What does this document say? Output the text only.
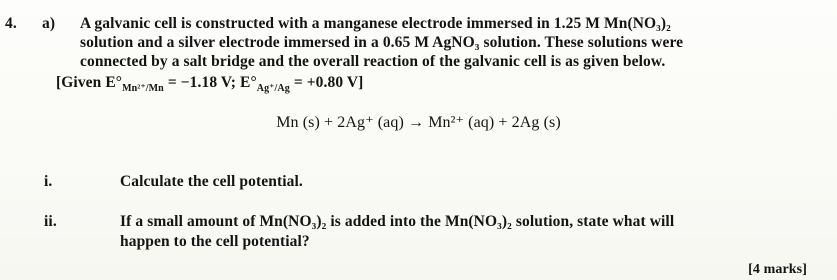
4. a) A galvanic cell is constructed with a manganese electrode immersed in 1.25 M Mn(NO₃)₂
solution and a silver electrode immersed in a 0.65 M AgNO₃ solution. These solutions were
connected by a salt bridge and the overall reaction of the galvanic cell is as given below.
[Given $E^\circ_{Mn^{2+}/Mn} = -1.18$ V; $E^\circ_{Ag^+/Ag} = +0.80$ V]
Mn (s) + 2Ag⁺ (aq) → Mn²⁺ (aq) + 2Ag (s)
i.	Calculate the cell potential.
ii.	If a small amount of Mn(NO₃)₂ is added into the Mn(NO₃)₂ solution, state what will
happen to the cell potential?
[4 marks]
